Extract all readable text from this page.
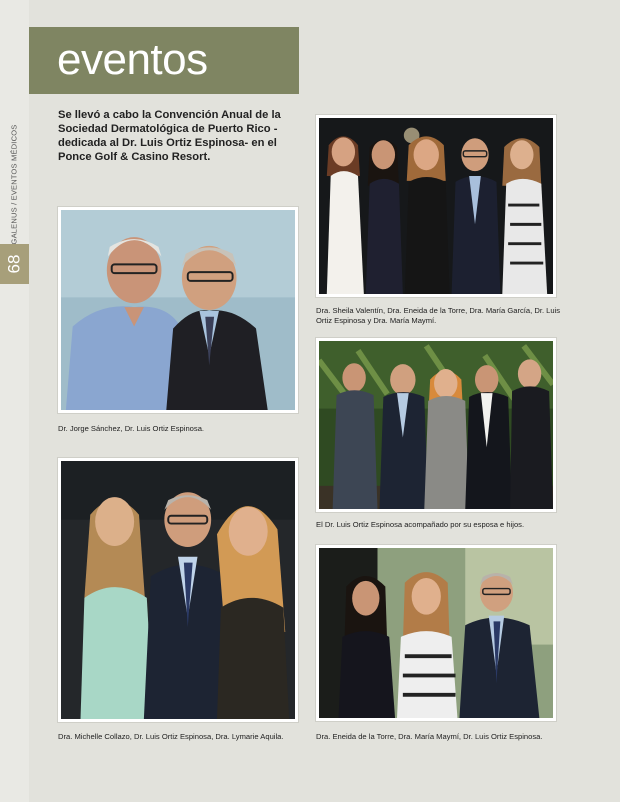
GALENUS / EVENTOS MÉDICOS
68
eventos

Se llevó a cabo la Convención Anual de la Sociedad Dermatológica de Puerto Rico -dedicada al Dr. Luis Ortiz Espinosa- en el Ponce Golf & Casino Resort.

Dr. Jorge Sánchez, Dr. Luis Ortiz Espinosa.
Dra. Michelle Collazo, Dr. Luis Ortiz Espinosa, Dra. Lymarie Aquila.
Dra. Sheila Valentín, Dra. Eneida de la Torre, Dra. María García, Dr. Luis Ortiz Espinosa y Dra. María Maymí.
El Dr. Luis Ortiz Espinosa acompañado por su esposa e hijos.
Dra. Eneida de la Torre, Dra. María Maymí, Dr. Luis Ortiz Espinosa.
